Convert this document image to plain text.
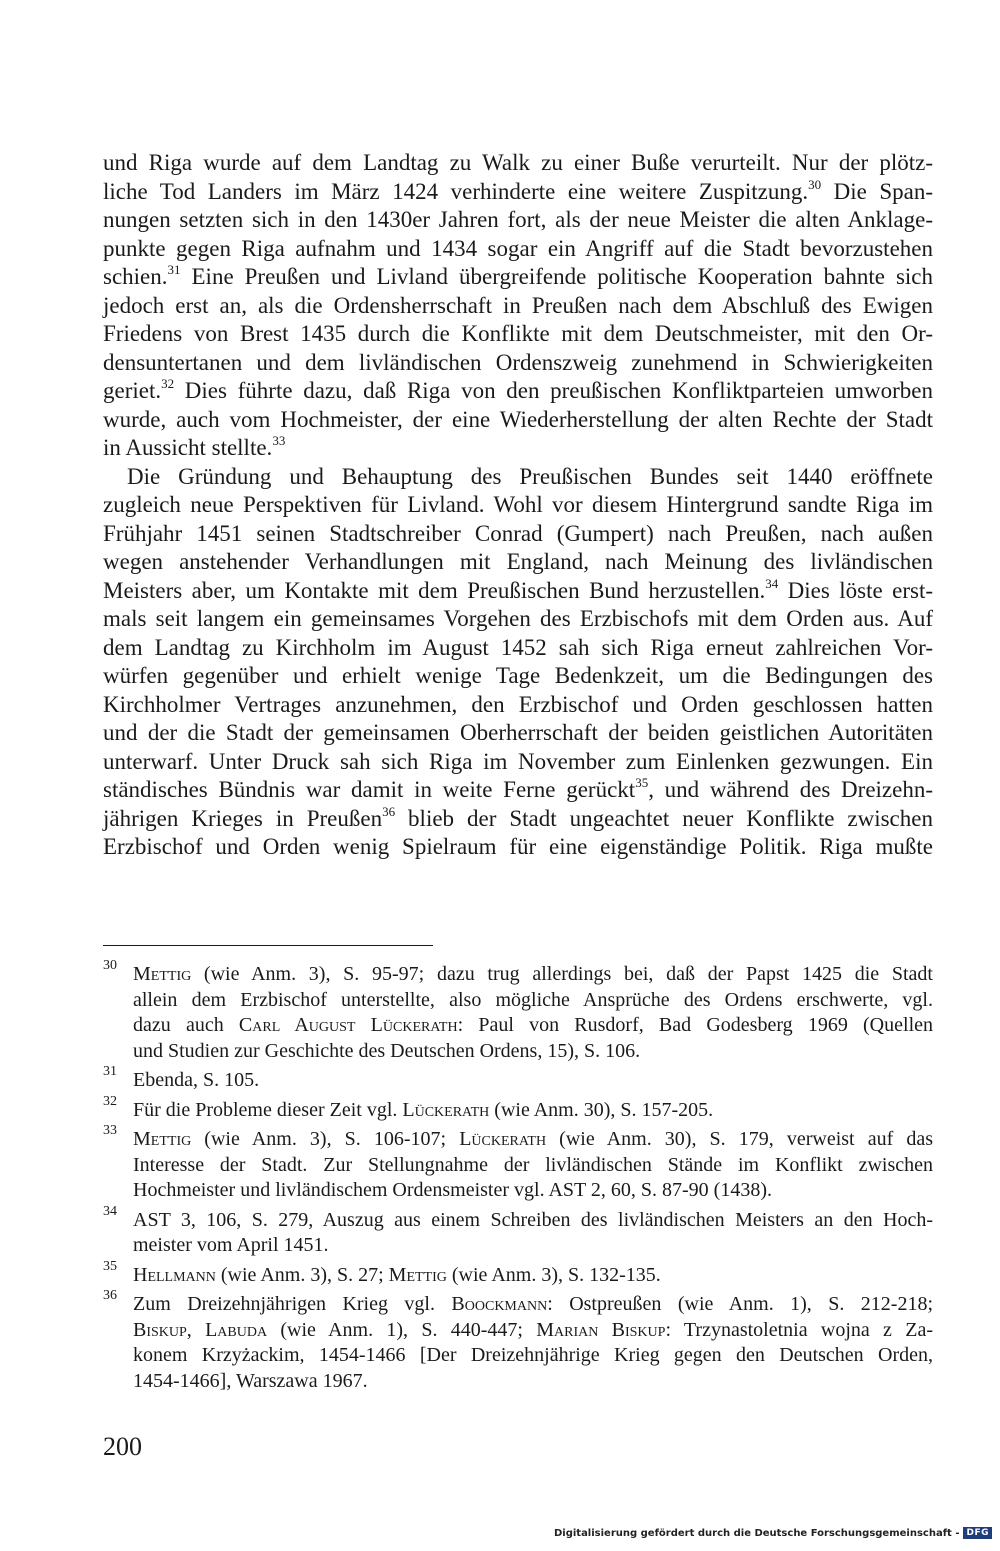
und Riga wurde auf dem Landtag zu Walk zu einer Buße verurteilt. Nur der plötz-
liche Tod Landers im März 1424 verhinderte eine weitere Zuspitzung.$^{30}$ Die Span-
nungen setzten sich in den 1430er Jahren fort, als der neue Meister die alten Anklage-
punkte gegen Riga aufnahm und 1434 sogar ein Angriff auf die Stadt bevorzustehen
schien.$^{31}$ Eine Preußen und Livland übergreifende politische Kooperation bahnte sich
jedoch erst an, als die Ordensherrschaft in Preußen nach dem Abschluß des Ewigen
Friedens von Brest 1435 durch die Konflikte mit dem Deutschmeister, mit den Or-
densuntertanen und dem livländischen Ordenszweig zunehmend in Schwierigkeiten
geriet.$^{32}$ Dies führte dazu, daß Riga von den preußischen Konfliktparteien umworben
wurde, auch vom Hochmeister, der eine Wiederherstellung der alten Rechte der Stadt
in Aussicht stellte.$^{33}$
Die Gründung und Behauptung des Preußischen Bundes seit 1440 eröffnete
zugleich neue Perspektiven für Livland. Wohl vor diesem Hintergrund sandte Riga im
Frühjahr 1451 seinen Stadtschreiber Conrad (Gumpert) nach Preußen, nach außen
wegen anstehender Verhandlungen mit England, nach Meinung des livländischen
Meisters aber, um Kontakte mit dem Preußischen Bund herzustellen.$^{34}$ Dies löste erst-
mals seit langem ein gemeinsames Vorgehen des Erzbischofs mit dem Orden aus. Auf
dem Landtag zu Kirchholm im August 1452 sah sich Riga erneut zahlreichen Vor-
würfen gegenüber und erhielt wenige Tage Bedenkzeit, um die Bedingungen des
Kirchholmer Vertrages anzunehmen, den Erzbischof und Orden geschlossen hatten
und der die Stadt der gemeinsamen Oberherrschaft der beiden geistlichen Autoritäten
unterwarf. Unter Druck sah sich Riga im November zum Einlenken gezwungen. Ein
ständisches Bündnis war damit in weite Ferne gerückt$^{35}$, und während des Dreizehn-
jährigen Krieges in Preußen$^{36}$ blieb der Stadt ungeachtet neuer Konflikte zwischen
Erzbischof und Orden wenig Spielraum für eine eigenständige Politik. Riga mußte
30 Mettig (wie Anm. 3), S. 95-97; dazu trug allerdings bei, daß der Papst 1425 die Stadt
allein dem Erzbischof unterstellte, also mögliche Ansprüche des Ordens erschwerte, vgl.
dazu auch Carl August Lückerath: Paul von Rusdorf, Bad Godesberg 1969 (Quellen
und Studien zur Geschichte des Deutschen Ordens, 15), S. 106.
31 Ebenda, S. 105.
32 Für die Probleme dieser Zeit vgl. Lückerath (wie Anm. 30), S. 157-205.
33 Mettig (wie Anm. 3), S. 106-107; Lückerath (wie Anm. 30), S. 179, verweist auf das
Interesse der Stadt. Zur Stellungnahme der livländischen Stände im Konflikt zwischen
Hochmeister und livländischem Ordensmeister vgl. AST 2, 60, S. 87-90 (1438).
34 AST 3, 106, S. 279, Auszug aus einem Schreiben des livländischen Meisters an den Hoch-
meister vom April 1451.
35 Hellmann (wie Anm. 3), S. 27; Mettig (wie Anm. 3), S. 132-135.
36 Zum Dreizehnjährigen Krieg vgl. Boockmann: Ostpreußen (wie Anm. 1), S. 212-218;
Biskup, Labuda (wie Anm. 1), S. 440-447; Marian Biskup: Trzynastoletnia wojna z Za-
konem Krzyżackim, 1454-1466 [Der Dreizehnjährige Krieg gegen den Deutschen Orden,
1454-1466], Warszawa 1967.
200
Digitalisierung gefördert durch die Deutsche Forschungsgemeinschaft - DFG
